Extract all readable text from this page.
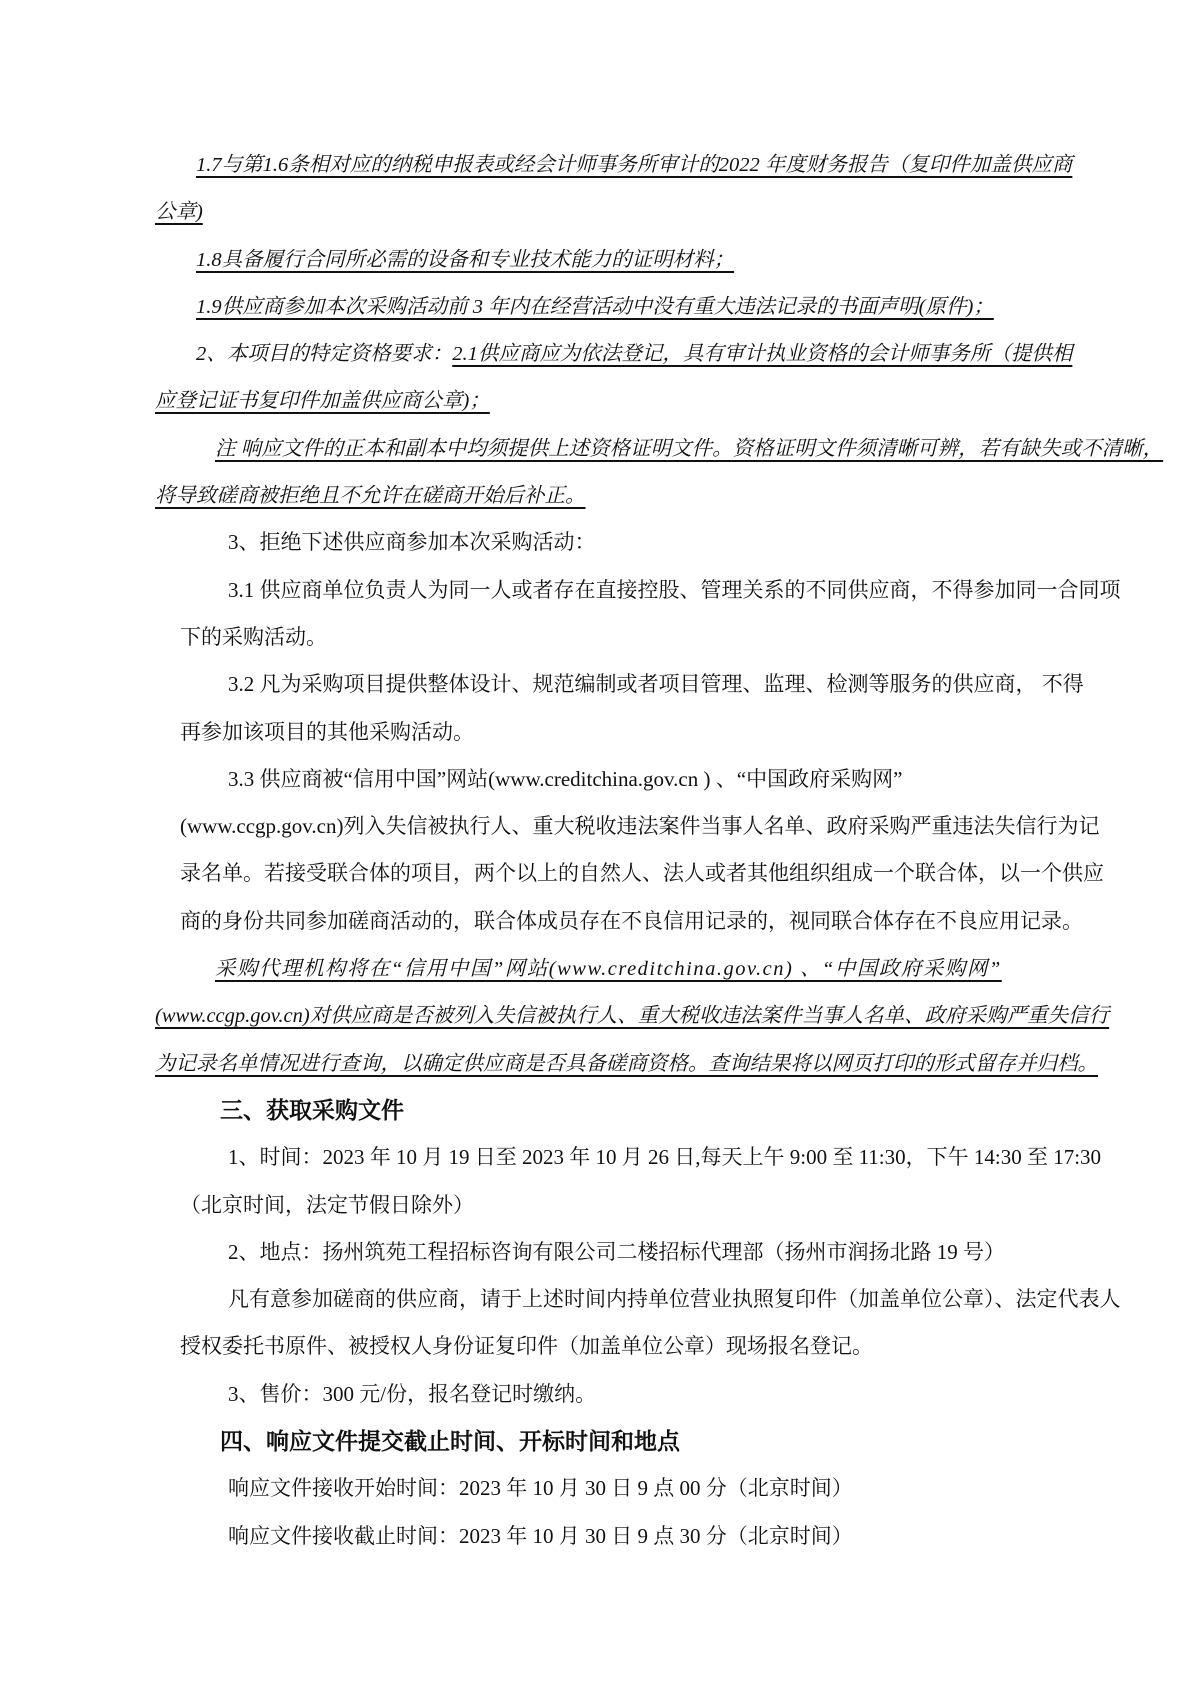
1.7与第1.6条相对应的纳税申报表或经会计师事务所审计的2022 年度财务报告（复印件加盖供应商
公章)
1.8具备履行合同所必需的设备和专业技术能力的证明材料；
1.9供应商参加本次采购活动前 3 年内在经营活动中没有重大违法记录的书面声明(原件)；
2、本项目的特定资格要求：2.1供应商应为依法登记，具有审计执业资格的会计师事务所（提供相
应登记证书复印件加盖供应商公章)；
注 响应文件的正本和副本中均须提供上述资格证明文件。资格证明文件须清晰可辨，若有缺失或不清晰，
将导致磋商被拒绝且不允许在磋商开始后补正。
3、拒绝下述供应商参加本次采购活动：
3.1 供应商单位负责人为同一人或者存在直接控股、管理关系的不同供应商，不得参加同一合同项
下的采购活动。
3.2 凡为采购项目提供整体设计、规范编制或者项目管理、监理、检测等服务的供应商， 不得
再参加该项目的其他采购活动。
3.3 供应商被“信用中国”网站(www.creditchina.gov.cn ) 、“中国政府采购网”
(www.ccgp.gov.cn)列入失信被执行人、重大税收违法案件当事人名单、政府采购严重违法失信行为记
录名单。若接受联合体的项目，两个以上的自然人、法人或者其他组织组成一个联合体，以一个供应
商的身份共同参加磋商活动的，联合体成员存在不良信用记录的，视同联合体存在不良应用记录。
采购代理机构将在“信用中国”网站(www.creditchina.gov.cn) 、“中国政府采购网”
(www.ccgp.gov.cn)对供应商是否被列入失信被执行人、重大税收违法案件当事人名单、政府采购严重失信行
为记录名单情况进行查询，以确定供应商是否具备磋商资格。查询结果将以网页打印的形式留存并归档。
三、获取采购文件
1、时间：2023 年 10 月 19 日至 2023 年 10 月 26 日,每天上午 9:00 至 11:30，下午 14:30 至 17:30
（北京时间，法定节假日除外）
2、地点：扬州筑苑工程招标咨询有限公司二楼招标代理部（扬州市润扬北路 19 号）
凡有意参加磋商的供应商，请于上述时间内持单位营业执照复印件（加盖单位公章）、法定代表人
授权委托书原件、被授权人身份证复印件（加盖单位公章）现场报名登记。
3、售价：300 元/份，报名登记时缴纳。
四、响应文件提交截止时间、开标时间和地点
响应文件接收开始时间：2023 年 10 月 30 日 9 点 00 分（北京时间）
响应文件接收截止时间：2023 年 10 月 30 日 9 点 30 分（北京时间）
